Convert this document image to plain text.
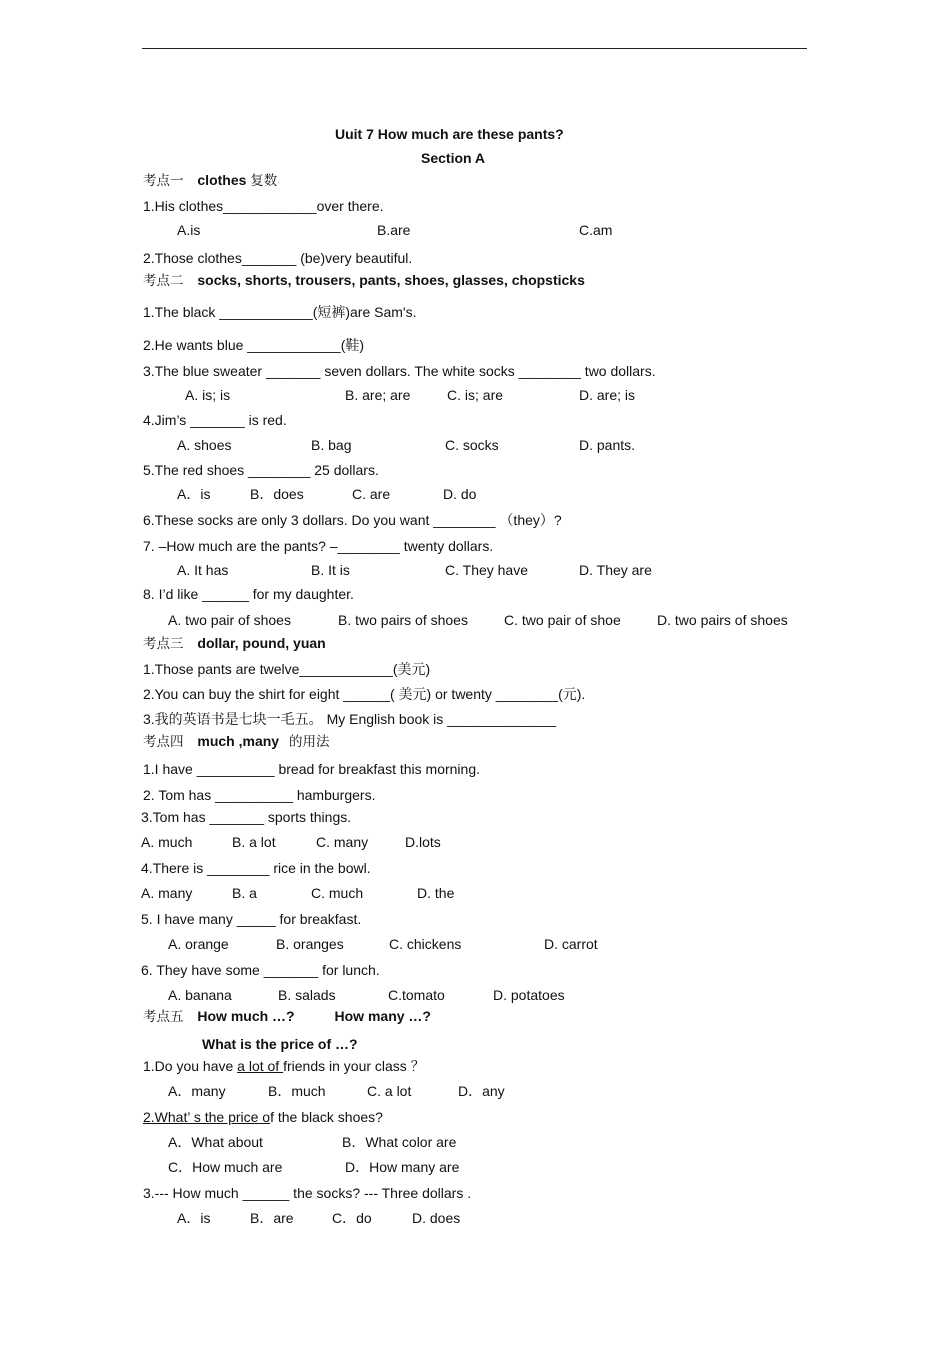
Uuit 7 How much are these pants?
Section A
考点一 clothes 复数
1.His clothes____________over there.
A.is	B.are	C.am
2.Those clothes_______ (be)very beautiful.
考点二 socks, shorts, trousers, pants, shoes, glasses, chopsticks
1.The black ____________(短裤)are Sam's.
2.He wants blue ____________(鞋)
3.The blue sweater _______ seven dollars. The white socks ________ two dollars.
A. is; is	B. are; are	C. is; are	D. are; is
4.Jim’s _______ is red.
A. shoes	B. bag	C. socks	D. pants.
5.The red shoes ________ 25 dollars.
A．is	B．does	C. are	D. do
6.These socks are only 3 dollars. Do you want ________ （they）?
7. –How much are the pants? –________ twenty dollars.
A. It has	B. It is	C. They have	D. They are
8. I’d like ______ for my daughter.
A. two pair of shoes	B. two pairs of shoes	C. two pair of shoe	D. two pairs of shoes
考点三 dollar, pound, yuan
1.Those pants are twelve____________(美元)
2.You can buy the shirt for eight ______( 美元) or twenty ________(元).
3.我的英语书是七块一毛五。 My English book is ______________
考点四 much ,many 的用法
1.I have __________ bread for breakfast this morning.
2. Tom has __________ hamburgers.
3.Tom has _______ sports things.
A. much	B. a lot	C. many	D.lots
4.There is ________ rice in the bowl.
A. many	B. a	C. much	D. the
5. I have many _____ for breakfast.
A. orange	B. oranges	C. chickens	D. carrot
6. They have some _______ for lunch.
A. banana	B. salads	C.tomato	D. potatoes
考点五 How much …?	How many …?
What is the price of …?
1.Do you have a lot of friends in your class ？
A．many	B．much	C. a lot	D．any
2.What’ s the price of the black shoes?
A．What about	B．What color are
C．How much are	D．How many are
3.--- How much ______ the socks? --- Three dollars .
A．is	B．are	C．do	D. does
